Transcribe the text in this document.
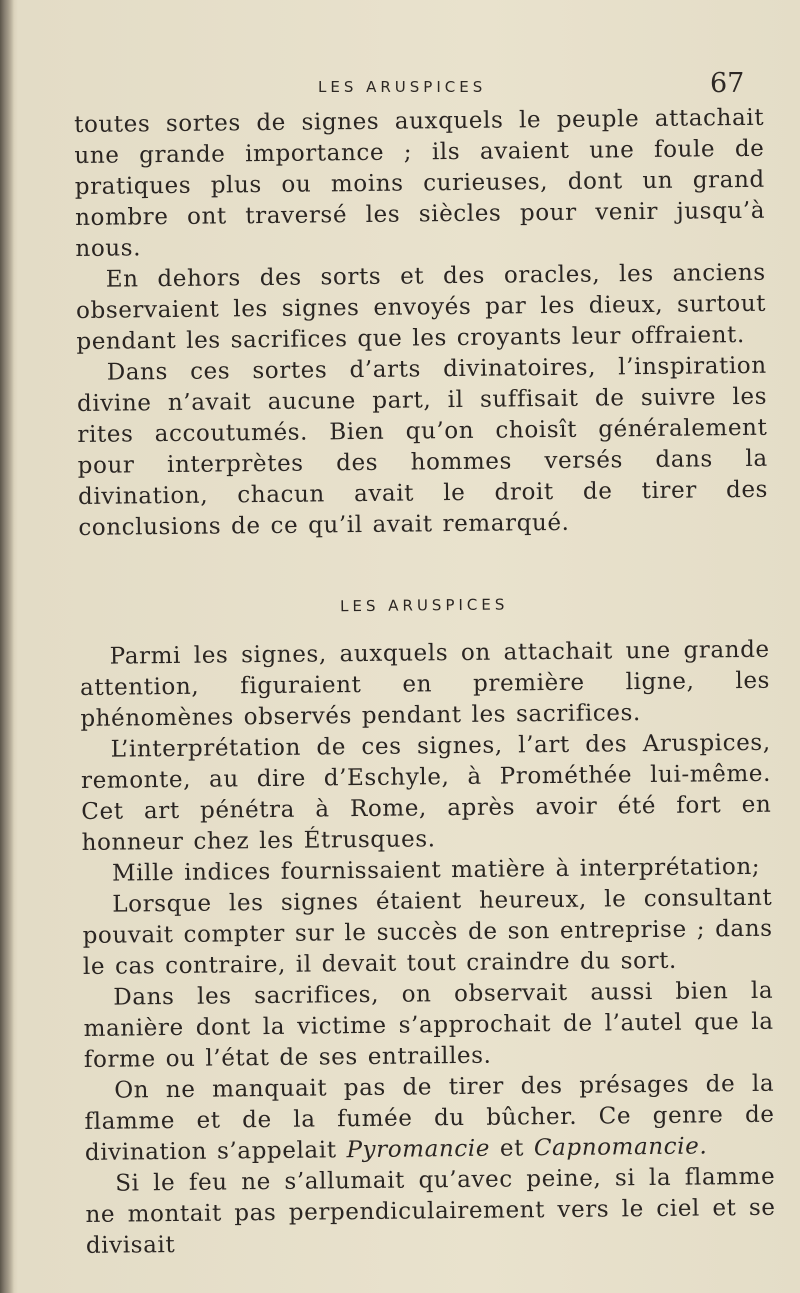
LES ARUSPICES	67

toutes sortes de signes auxquels le peuple attachait une grande importance ; ils avaient une foule de pratiques plus ou moins curieuses, dont un grand nombre ont traversé les siècles pour venir jusqu’à nous.

En dehors des sorts et des oracles, les anciens observaient les signes envoyés par les dieux, surtout pendant les sacrifices que les croyants leur offraient.

Dans ces sortes d’arts divinatoires, l’inspiration divine n’avait aucune part, il suffisait de suivre les rites accoutumés. Bien qu’on choisît généralement pour interprètes des hommes versés dans la divination, chacun avait le droit de tirer des conclusions de ce qu’il avait remarqué.

LES ARUSPICES

Parmi les signes, auxquels on attachait une grande attention, figuraient en première ligne, les phénomènes observés pendant les sacrifices.

L’interprétation de ces signes, l’art des Aruspices, remonte, au dire d’Eschyle, à Prométhée lui-même. Cet art pénétra à Rome, après avoir été fort en honneur chez les Étrusques.

Mille indices fournissaient matière à interprétation;

Lorsque les signes étaient heureux, le consultant pouvait compter sur le succès de son entreprise ; dans le cas contraire, il devait tout craindre du sort.

Dans les sacrifices, on observait aussi bien la manière dont la victime s’approchait de l’autel que la forme ou l’état de ses entrailles.

On ne manquait pas de tirer des présages de la flamme et de la fumée du bûcher. Ce genre de divination s’appelait Pyromancie et Capnomancie.

Si le feu ne s’allumait qu’avec peine, si la flamme ne montait pas perpendiculairement vers le ciel et se divisait
